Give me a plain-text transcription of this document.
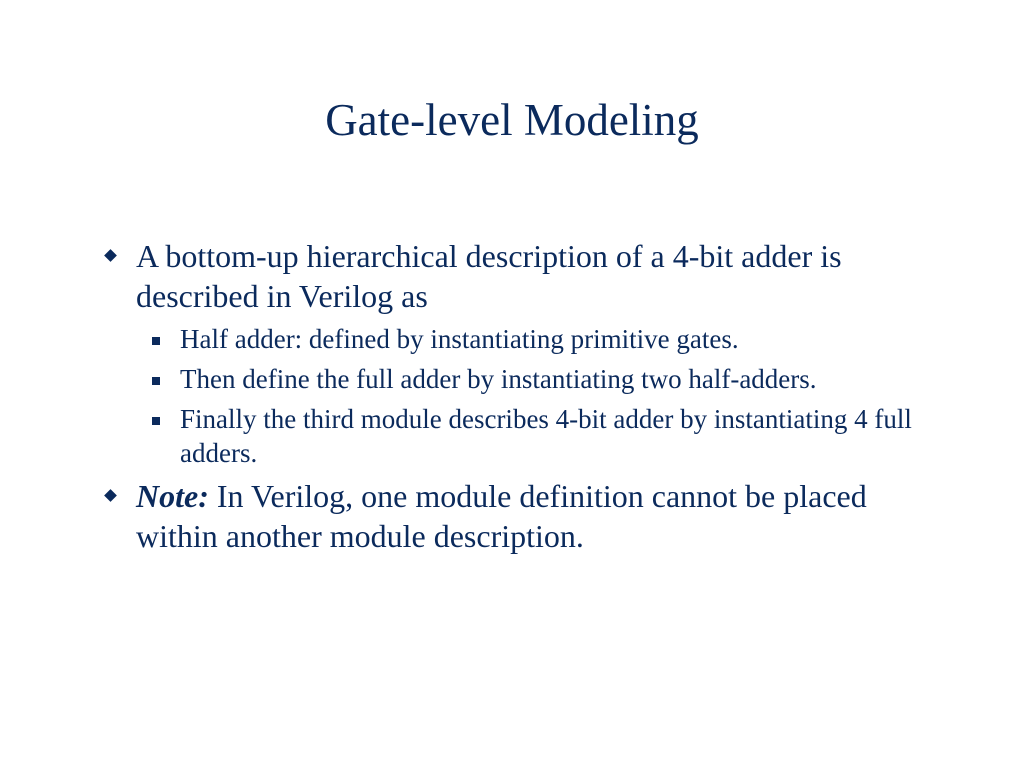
Gate-level Modeling
A bottom-up hierarchical description of a 4-bit adder is described in Verilog as
Half adder: defined by instantiating primitive gates.
Then define the full adder by instantiating two half-adders.
Finally the third module describes 4-bit adder by instantiating 4 full adders.
Note: In Verilog, one module definition cannot be placed within another module description.
